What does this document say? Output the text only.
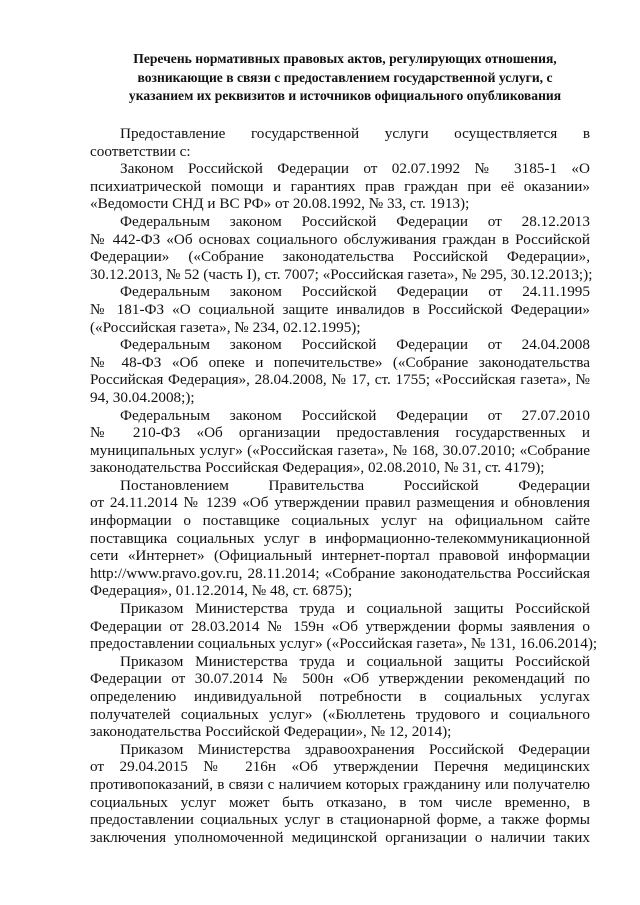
Перечень нормативных правовых актов, регулирующих отношения,
возникающие в связи с предоставлением государственной услуги, с
указанием их реквизитов и источников официального опубликования
Предоставление государственной услуги осуществляется в
соответствии с:
Законом Российской Федерации от 02.07.1992 № 3185-1 «О
психиатрической помощи и гарантиях прав граждан при её оказании»
«Ведомости СНД и ВС РФ» от 20.08.1992, № 33, ст. 1913);
Федеральным законом Российской Федерации от 28.12.2013
№ 442-ФЗ «Об основах социального обслуживания граждан в Российской
Федерации» («Собрание законодательства Российской Федерации»,
30.12.2013, № 52 (часть I), ст. 7007; «Российская газета», № 295, 30.12.2013;);
Федеральным законом Российской Федерации от 24.11.1995
№ 181-ФЗ «О социальной защите инвалидов в Российской Федерации»
(«Российская газета», № 234, 02.12.1995);
Федеральным законом Российской Федерации от 24.04.2008
№ 48-ФЗ «Об опеке и попечительстве» («Собрание законодательства
Российская Федерация», 28.04.2008, № 17, ст. 1755; «Российская газета», №
94, 30.04.2008;);
Федеральным законом Российской Федерации от 27.07.2010
№ 210-ФЗ «Об организации предоставления государственных и
муниципальных услуг» («Российская газета», № 168, 30.07.2010; «Собрание
законодательства Российская Федерация», 02.08.2010, № 31, ст. 4179);
Постановлением Правительства Российской Федерации
от 24.11.2014 № 1239 «Об утверждении правил размещения и обновления
информации о поставщике социальных услуг на официальном сайте
поставщика социальных услуг в информационно-телекоммуникационной
сети «Интернет» (Официальный интернет-портал правовой информации
http://www.pravo.gov.ru, 28.11.2014; «Собрание законодательства Российская
Федерация», 01.12.2014, № 48, ст. 6875);
Приказом Министерства труда и социальной защиты Российской
Федерации от 28.03.2014 № 159н «Об утверждении формы заявления о
предоставлении социальных услуг» («Российская газета», № 131, 16.06.2014);
Приказом Министерства труда и социальной защиты Российской
Федерации от 30.07.2014 № 500н «Об утверждении рекомендаций по
определению индивидуальной потребности в социальных услугах
получателей социальных услуг» («Бюллетень трудового и социального
законодательства Российской Федерации», № 12, 2014);
Приказом Министерства здравоохранения Российской Федерации
от 29.04.2015 № 216н «Об утверждении Перечня медицинских
противопоказаний, в связи с наличием которых гражданину или получателю
социальных услуг может быть отказано, в том числе временно, в
предоставлении социальных услуг в стационарной форме, а также формы
заключения уполномоченной медицинской организации о наличии таких
